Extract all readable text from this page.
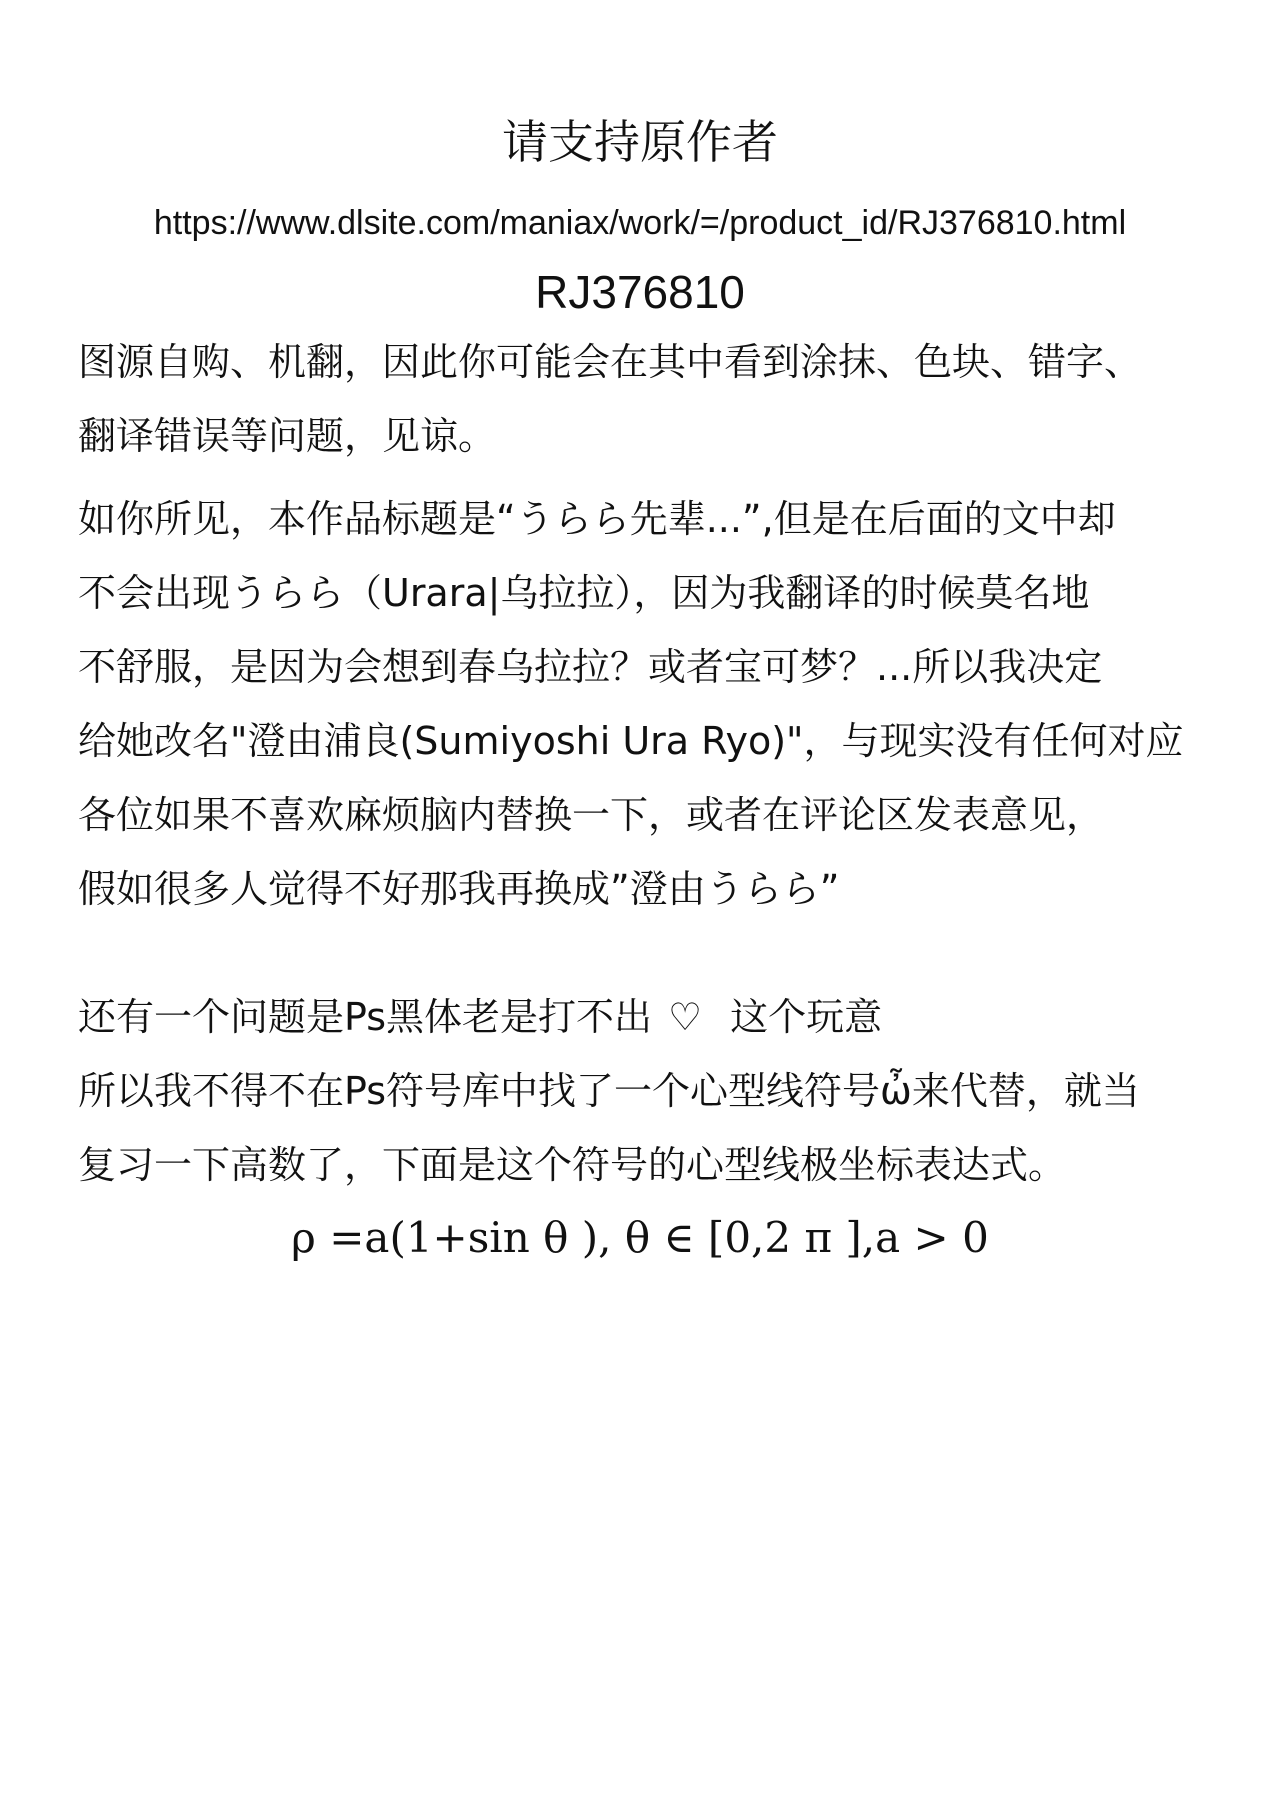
请支持原作者
https://www.dlsite.com/maniax/work/=/product_id/RJ376810.html
RJ376810
图源自购、机翻，因此你可能会在其中看到涂抹、色块、错字、
翻译错误等问题，见谅。
如你所见，本作品标题是“うらら先辈...”,但是在后面的文中却
不会出现うらら（Urara|乌拉拉），因为我翻译的时候莫名地
不舒服，是因为会想到春乌拉拉？或者宝可梦？...所以我决定
给她改名"澄由浦良(Sumiyoshi Ura Ryo)"，与现实没有任何对应
各位如果不喜欢麻烦脑内替换一下，或者在评论区发表意见，
假如很多人觉得不好那我再换成”澄由うらら”
还有一个问题是Ps黑体老是打不出 ♡ 这个玩意
所以我不得不在Ps符号库中找了一个心型线符号ὦ来代替，就当
复习一下高数了，下面是这个符号的心型线极坐标表达式。
ρ =a(1+sin θ ), θ ∈ [0,2 π ],a > 0
